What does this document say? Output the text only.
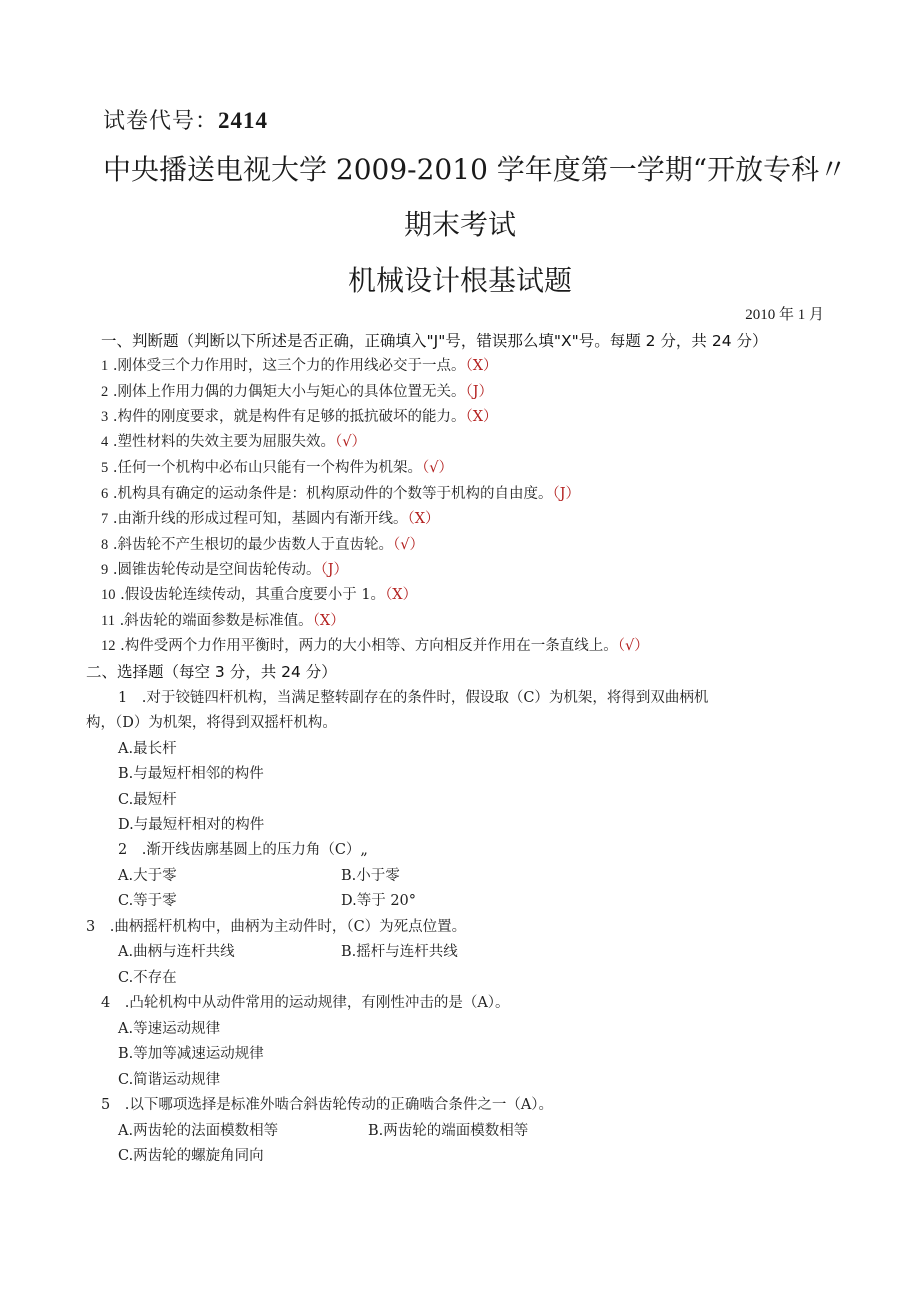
试卷代号：2414
中央播送电视大学 2009-2010 学年度第一学期“开放专科〃
期末考试
机械设计根基试题
2010 年 1 月
一、判断题（判断以下所述是否正确，正确填入"J"号，错误那么填"X"号。每题 2 分，共 24 分）
1 .刚体受三个力作用时，这三个力的作用线必交于一点。（X）
2 .刚体上作用力偶的力偶矩大小与矩心的具体位置无关。（J）
3 .构件的刚度要求，就是构件有足够的抵抗破坏的能力。（X）
4 .塑性材料的失效主要为屈服失效。（√）
5 .任何一个机构中必布山只能有一个构件为机架。（√）
6 .机构具有确定的运动条件是：机构原动件的个数等于机构的自由度。（J）
7 .由渐升线的形成过程可知，基圆内有渐开线。（X）
8 .斜齿轮不产生根切的最少齿数人于直齿轮。（√）
9 .圆锥齿轮传动是空间齿轮传动。（J）
10 .假设齿轮连续传动，其重合度要小于 1。（X）
11 .斜齿轮的端面参数是标准值。（X）
12 .构件受两个力作用平衡时，两力的大小相等、方向相反并作用在一条直线上。（√）
二、选择题（每空 3 分，共 24 分）
1　.对于铰链四杆机构，当满足整转副存在的条件时，假设取（C）为机架，将得到双曲柄机
构，（D）为机架，将得到双摇杆机构。
A.最长杆
B.与最短杆相邻的构件
C.最短杆
D.与最短杆相对的构件
2　.渐开线齿廓基圆上的压力角（C）„
A.大于零	B.小于零
C.等于零	D.等于 20°
3　.曲柄摇杆机构中，曲柄为主动件时，（C）为死点位置。
A.曲柄与连杆共线	B.摇杆与连杆共线
C.不存在
4　.凸轮机构中从动件常用的运动规律，有刚性冲击的是（A）。
A.等速运动规律
B.等加等减速运动规律
C.简谐运动规律
5　.以下哪项选择是标准外啮合斜齿轮传动的正确啮合条件之一（A）。
A.两齿轮的法面模数相等	B.两齿轮的端面模数相等
C.两齿轮的螺旋角同向
